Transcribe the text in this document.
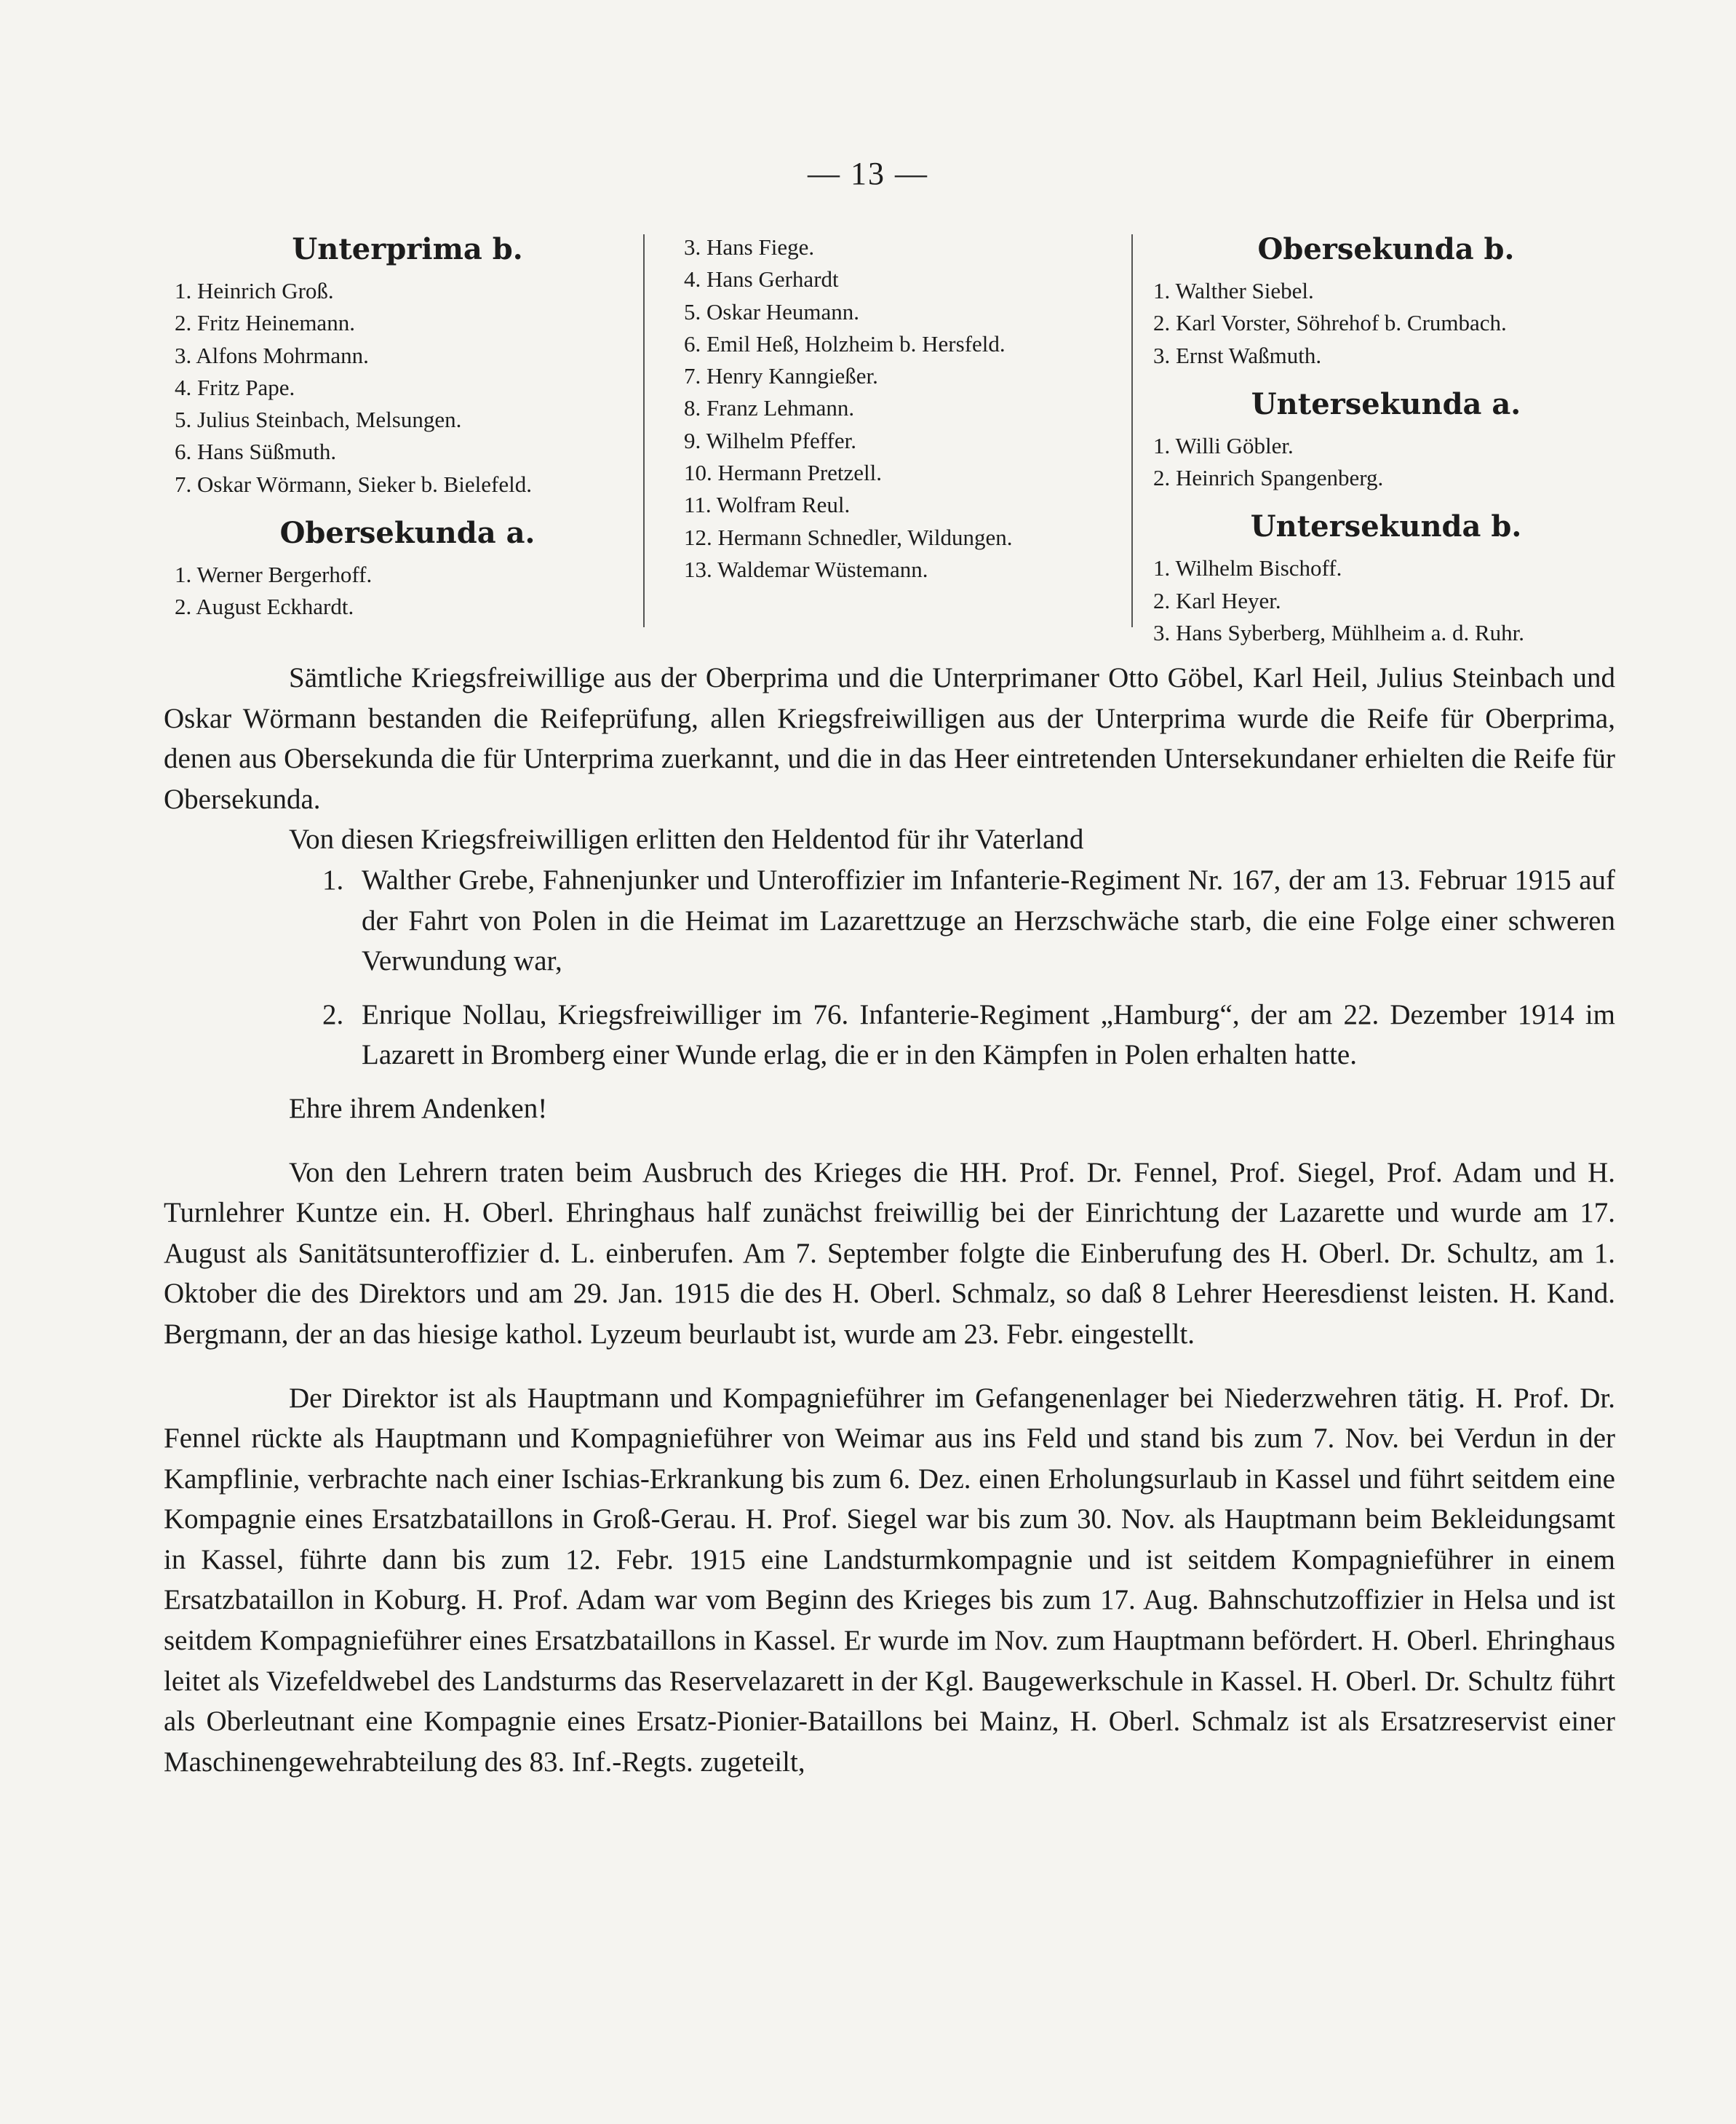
— 13 —
Unterprima b.
1. Heinrich Groß.
2. Fritz Heinemann.
3. Alfons Mohrmann.
4. Fritz Pape.
5. Julius Steinbach, Melsungen.
6. Hans Süßmuth.
7. Oskar Wörmann, Sieker b. Bielefeld.
Obersekunda a.
1. Werner Bergerhoff.
2. August Eckhardt.
3. Hans Fiege.
4. Hans Gerhardt
5. Oskar Heumann.
6. Emil Heß, Holzheim b. Hersfeld.
7. Henry Kanngießer.
8. Franz Lehmann.
9. Wilhelm Pfeffer.
10. Hermann Pretzell.
11. Wolfram Reul.
12. Hermann Schnedler, Wildungen.
13. Waldemar Wüstemann.
Obersekunda b.
1. Walther Siebel.
2. Karl Vorster, Söhrehof b. Crumbach.
3. Ernst Waßmuth.
Untersekunda a.
1. Willi Göbler.
2. Heinrich Spangenberg.
Untersekunda b.
1. Wilhelm Bischoff.
2. Karl Heyer.
3. Hans Syberberg, Mühlheim a. d. Ruhr.

Sämtliche Kriegsfreiwillige aus der Oberprima und die Unterprimaner Otto Göbel, Karl Heil, Julius Steinbach und Oskar Wörmann bestanden die Reifeprüfung, allen Kriegsfreiwilligen aus der Unterprima wurde die Reife für Oberprima, denen aus Obersekunda die für Unterprima zuerkannt, und die in das Heer eintretenden Untersekundaner erhielten die Reife für Obersekunda.

Von diesen Kriegsfreiwilligen erlitten den Heldentod für ihr Vaterland

1. Walther Grebe, Fahnenjunker und Unteroffizier im Infanterie-Regiment Nr. 167, der am 13. Februar 1915 auf der Fahrt von Polen in die Heimat im Lazarettzuge an Herzschwäche starb, die eine Folge einer schweren Verwundung war,
2. Enrique Nollau, Kriegsfreiwilliger im 76. Infanterie-Regiment „Hamburg“, der am 22. Dezember 1914 im Lazarett in Bromberg einer Wunde erlag, die er in den Kämpfen in Polen erhalten hatte.

Ehre ihrem Andenken!

Von den Lehrern traten beim Ausbruch des Krieges die HH. Prof. Dr. Fennel, Prof. Siegel, Prof. Adam und H. Turnlehrer Kuntze ein. H. Oberl. Ehringhaus half zunächst freiwillig bei der Einrichtung der Lazarette und wurde am 17. August als Sanitätsunteroffizier d. L. einberufen. Am 7. September folgte die Einberufung des H. Oberl. Dr. Schultz, am 1. Oktober die des Direktors und am 29. Jan. 1915 die des H. Oberl. Schmalz, so daß 8 Lehrer Heeresdienst leisten. H. Kand. Bergmann, der an das hiesige kathol. Lyzeum beurlaubt ist, wurde am 23. Febr. eingestellt.

Der Direktor ist als Hauptmann und Kompagnieführer im Gefangenenlager bei Niederzwehren tätig. H. Prof. Dr. Fennel rückte als Hauptmann und Kompagnieführer von Weimar aus ins Feld und stand bis zum 7. Nov. bei Verdun in der Kampflinie, verbrachte nach einer Ischias-Erkrankung bis zum 6. Dez. einen Erholungsurlaub in Kassel und führt seitdem eine Kompagnie eines Ersatzbataillons in Groß-Gerau. H. Prof. Siegel war bis zum 30. Nov. als Hauptmann beim Bekleidungsamt in Kassel, führte dann bis zum 12. Febr. 1915 eine Landsturmkompagnie und ist seitdem Kompagnieführer in einem Ersatzbataillon in Koburg. H. Prof. Adam war vom Beginn des Krieges bis zum 17. Aug. Bahnschutzoffizier in Helsa und ist seitdem Kompagnieführer eines Ersatzbataillons in Kassel. Er wurde im Nov. zum Hauptmann befördert. H. Oberl. Ehringhaus leitet als Vizefeldwebel des Landsturms das Reservelazarett in der Kgl. Baugewerkschule in Kassel. H. Oberl. Dr. Schultz führt als Oberleutnant eine Kompagnie eines Ersatz-Pionier-Bataillons bei Mainz, H. Oberl. Schmalz ist als Ersatzreservist einer Maschinengewehrabteilung des 83. Inf.-Regts. zugeteilt,
